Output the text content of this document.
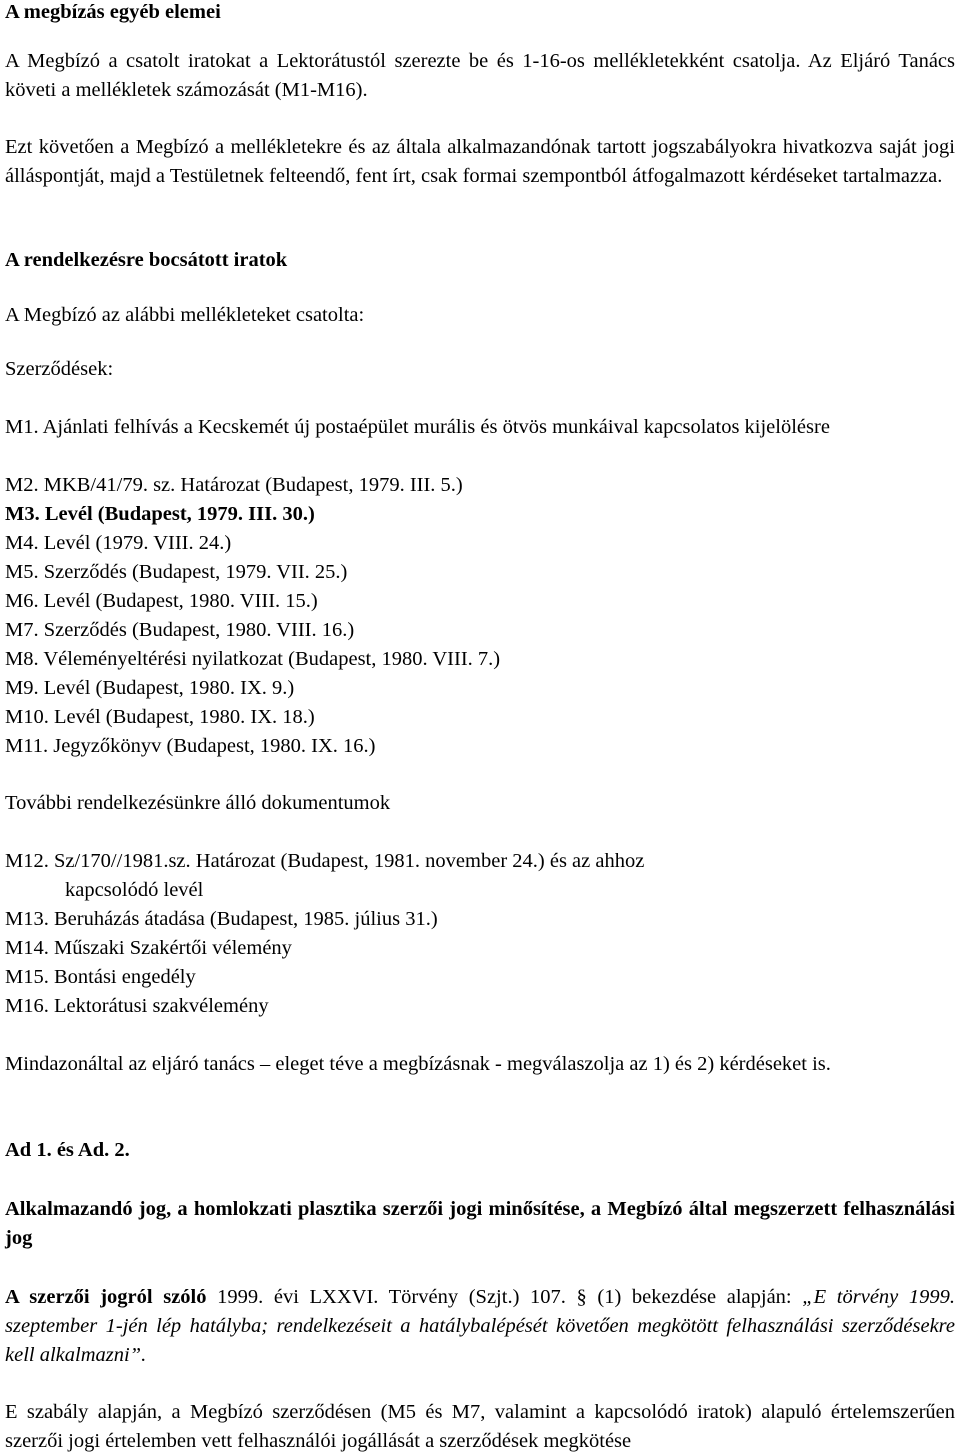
A megbízás egyéb elemei

A Megbízó a csatolt iratokat a Lektorátustól szerezte be és 1-16-os mellékletekként csatolja. Az Eljáró Tanács követi a mellékletek számozását (M1-M16).

Ezt követően a Megbízó a mellékletekre és az általa alkalmazandónak tartott jogszabályokra hivatkozva saját jogi álláspontját, majd a Testületnek felteendő, fent írt, csak formai szempontból átfogalmazott kérdéseket tartalmazza.

A rendelkezésre bocsátott iratok
A Megbízó az alábbi mellékleteket csatolta:
Szerződések:

M1. Ajánlati felhívás a Kecskemét új postaépület murális és ötvös munkáival kapcsolatos kijelölésre

M2. MKB/41/79. sz. Határozat (Budapest, 1979. III. 5.)
M3. Levél (Budapest, 1979. III. 30.)
M4. Levél (1979. VIII. 24.)
M5. Szerződés (Budapest, 1979. VII. 25.)
M6. Levél (Budapest, 1980. VIII. 15.)
M7. Szerződés (Budapest, 1980. VIII. 16.)
M8. Véleményeltérési nyilatkozat (Budapest, 1980. VIII. 7.)
M9. Levél (Budapest, 1980. IX. 9.)
M10. Levél (Budapest, 1980. IX. 18.)
M11. Jegyzőkönyv (Budapest, 1980. IX. 16.)
További rendelkezésünkre álló dokumentumok
M12. Sz/170//1981.sz. Határozat (Budapest, 1981. november 24.) és az ahhoz
kapcsolódó levél
M13. Beruházás átadása (Budapest, 1985. július 31.)
M14. Műszaki Szakértői vélemény
M15. Bontási engedély
M16. Lektorátusi szakvélemény

Mindazonáltal az eljáró tanács – eleget téve a megbízásnak - megválaszolja az 1) és 2) kérdéseket is.

Ad 1. és Ad. 2.

Alkalmazandó jog, a homlokzati plasztika szerzői jogi minősítése, a Megbízó által megszerzett felhasználási jog

A szerzői jogról szóló 1999. évi LXXVI. Törvény (Szjt.) 107. § (1) bekezdése alapján: „E törvény 1999. szeptember 1-jén lép hatályba; rendelkezéseit a hatálybalépését követően megkötött felhasználási szerződésekre kell alkalmazni”.

E szabály alapján, a Megbízó szerződésen (M5 és M7, valamint a kapcsolódó iratok) alapuló értelemszerűen szerzői jogi értelemben vett felhasználói jogállását a szerződések megkötése
